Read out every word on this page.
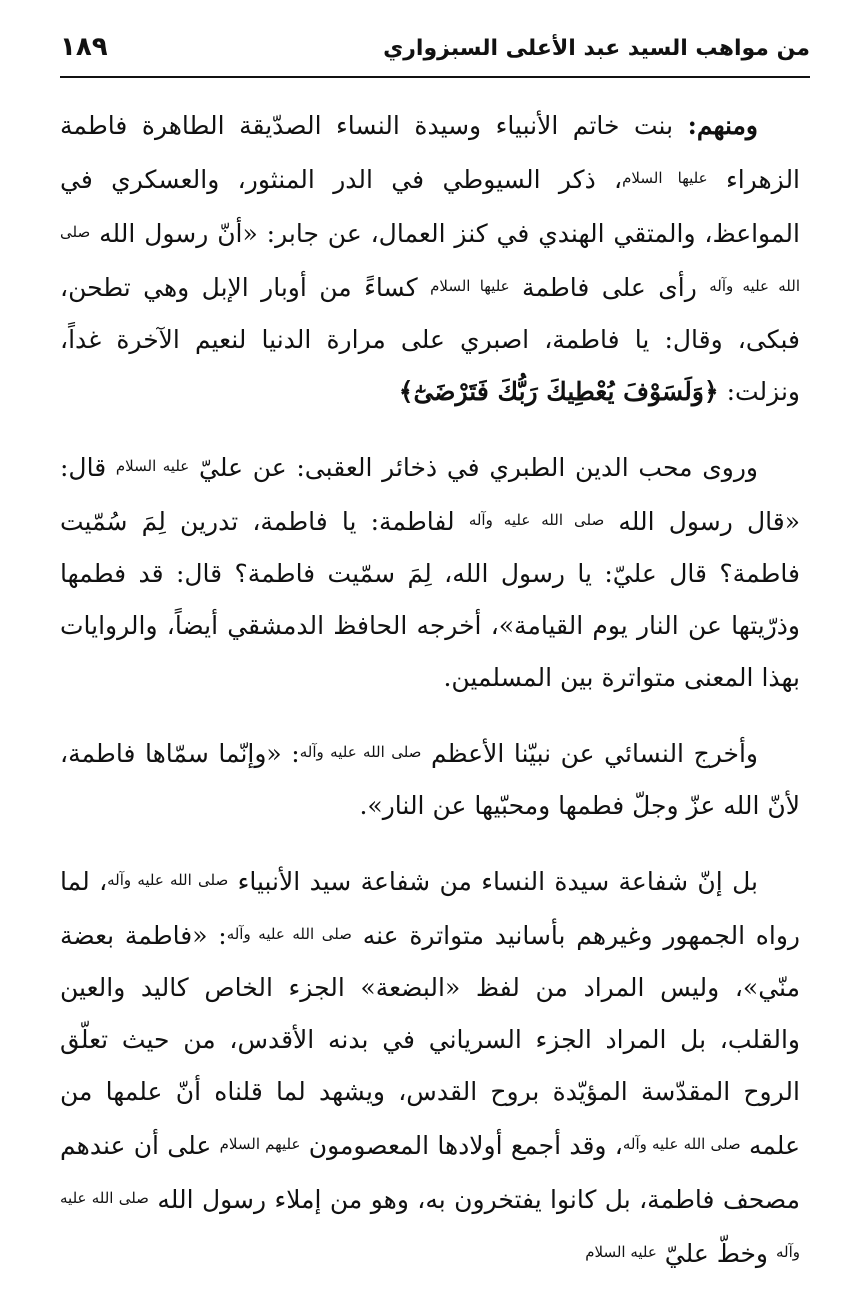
من مواهب السيد عبد الأعلى السبزواري
١٨٩

ومنهم: بنت خاتم الأنبياء وسيدة النساء الصدّيقة الطاهرة فاطمة الزهراء $^{عليها السلام}$، ذكر السيوطي في الدر المنثور، والعسكري في المواعظ، والمتقي الهندي في كنز العمال، عن جابر: «أنّ رسول الله $^{صلى الله عليه وآله}$ رأى على فاطمة $^{عليها السلام}$ كساءً من أوبار الإبل وهي تطحن، فبكى، وقال: يا فاطمة، اصبري على مرارة الدنيا لنعيم الآخرة غداً، ونزلت: ﴿وَلَسَوْفَ يُعْطِيكَ رَبُّكَ فَتَرْضَىٰٓ﴾

وروى محب الدين الطبري في ذخائر العقبى: عن عليّ $^{عليه السلام}$ قال: «قال رسول الله $^{صلى الله عليه وآله}$ لفاطمة: يا فاطمة، تدرين لِمَ سُمّيت فاطمة؟ قال عليّ: يا رسول الله، لِمَ سمّيت فاطمة؟ قال: قد فطمها وذرّيتها عن النار يوم القيامة»، أخرجه الحافظ الدمشقي أيضاً، والروايات بهذا المعنى متواترة بين المسلمين.

وأخرج النسائي عن نبيّنا الأعظم $^{صلى الله عليه وآله}$: «وإنّما سمّاها فاطمة، لأنّ الله عزّ وجلّ فطمها ومحبّيها عن النار».

بل إنّ شفاعة سيدة النساء من شفاعة سيد الأنبياء $^{صلى الله عليه وآله}$، لما رواه الجمهور وغيرهم بأسانيد متواترة عنه $^{صلى الله عليه وآله}$: «فاطمة بعضة منّي»، وليس المراد من لفظ «البضعة» الجزء الخاص كاليد والعين والقلب، بل المراد الجزء السرياني في بدنه الأقدس، من حيث تعلّق الروح المقدّسة المؤيّدة بروح القدس، ويشهد لما قلناه أنّ علمها من علمه $^{صلى الله عليه وآله}$، وقد أجمع أولادها المعصومون $^{عليهم السلام}$ على أن عندهم مصحف فاطمة، بل كانوا يفتخرون به، وهو من إملاء رسول الله $^{صلى الله عليه وآله}$ وخطّ عليّ $^{عليه السلام}$
